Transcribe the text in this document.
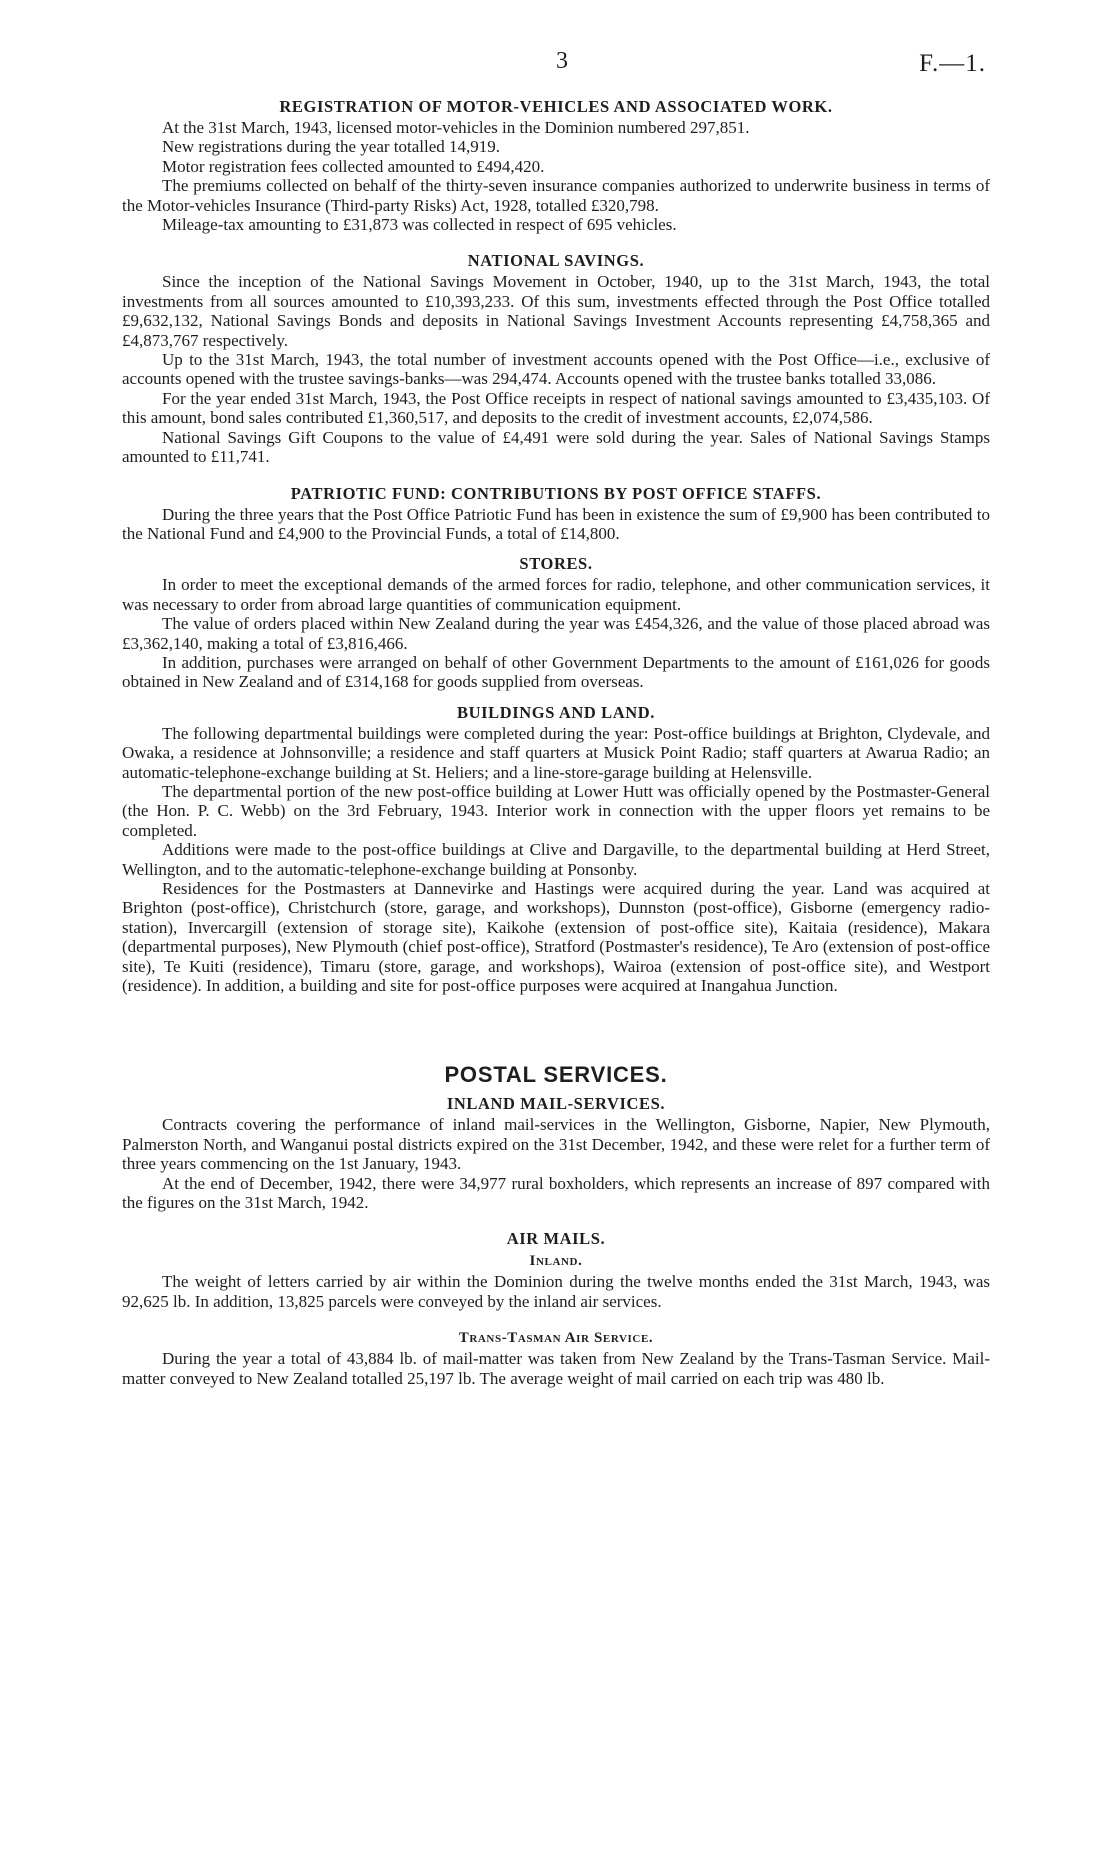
3	F.—1.
REGISTRATION OF MOTOR-VEHICLES AND ASSOCIATED WORK.

At the 31st March, 1943, licensed motor-vehicles in the Dominion numbered 297,851.

New registrations during the year totalled 14,919.

Motor registration fees collected amounted to £494,420.

The premiums collected on behalf of the thirty-seven insurance companies authorized to underwrite business in terms of the Motor-vehicles Insurance (Third-party Risks) Act, 1928, totalled £320,798.

Mileage-tax amounting to £31,873 was collected in respect of 695 vehicles.

NATIONAL SAVINGS.

Since the inception of the National Savings Movement in October, 1940, up to the 31st March, 1943, the total investments from all sources amounted to £10,393,233. Of this sum, investments effected through the Post Office totalled £9,632,132, National Savings Bonds and deposits in National Savings Investment Accounts representing £4,758,365 and £4,873,767 respectively.

Up to the 31st March, 1943, the total number of investment accounts opened with the Post Office—i.e., exclusive of accounts opened with the trustee savings-banks—was 294,474. Accounts opened with the trustee banks totalled 33,086.

For the year ended 31st March, 1943, the Post Office receipts in respect of national savings amounted to £3,435,103. Of this amount, bond sales contributed £1,360,517, and deposits to the credit of investment accounts, £2,074,586.

National Savings Gift Coupons to the value of £4,491 were sold during the year. Sales of National Savings Stamps amounted to £11,741.

PATRIOTIC FUND: CONTRIBUTIONS BY POST OFFICE STAFFS.

During the three years that the Post Office Patriotic Fund has been in existence the sum of £9,900 has been contributed to the National Fund and £4,900 to the Provincial Funds, a total of £14,800.

STORES.

In order to meet the exceptional demands of the armed forces for radio, telephone, and other communication services, it was necessary to order from abroad large quantities of communication equipment.

The value of orders placed within New Zealand during the year was £454,326, and the value of those placed abroad was £3,362,140, making a total of £3,816,466.

In addition, purchases were arranged on behalf of other Government Departments to the amount of £161,026 for goods obtained in New Zealand and of £314,168 for goods supplied from overseas.

BUILDINGS AND LAND.

The following departmental buildings were completed during the year: Post-office buildings at Brighton, Clydevale, and Owaka, a residence at Johnsonville; a residence and staff quarters at Musick Point Radio; staff quarters at Awarua Radio; an automatic-telephone-exchange building at St. Heliers; and a line-store-garage building at Helensville.

The departmental portion of the new post-office building at Lower Hutt was officially opened by the Postmaster-General (the Hon. P. C. Webb) on the 3rd February, 1943. Interior work in connection with the upper floors yet remains to be completed.

Additions were made to the post-office buildings at Clive and Dargaville, to the departmental building at Herd Street, Wellington, and to the automatic-telephone-exchange building at Ponsonby.

Residences for the Postmasters at Dannevirke and Hastings were acquired during the year. Land was acquired at Brighton (post-office), Christchurch (store, garage, and workshops), Dunnston (post-office), Gisborne (emergency radio-station), Invercargill (extension of storage site), Kaikohe (extension of post-office site), Kaitaia (residence), Makara (departmental purposes), New Plymouth (chief post-office), Stratford (Postmaster's residence), Te Aro (extension of post-office site), Te Kuiti (residence), Timaru (store, garage, and workshops), Wairoa (extension of post-office site), and Westport (residence). In addition, a building and site for post-office purposes were acquired at Inangahua Junction.

POSTAL SERVICES.
INLAND MAIL-SERVICES.

Contracts covering the performance of inland mail-services in the Wellington, Gisborne, Napier, New Plymouth, Palmerston North, and Wanganui postal districts expired on the 31st December, 1942, and these were relet for a further term of three years commencing on the 1st January, 1943.

At the end of December, 1942, there were 34,977 rural boxholders, which represents an increase of 897 compared with the figures on the 31st March, 1942.

AIR MAILS.
Inland.

The weight of letters carried by air within the Dominion during the twelve months ended the 31st March, 1943, was 92,625 lb. In addition, 13,825 parcels were conveyed by the inland air services.

Trans-Tasman Air Service.

During the year a total of 43,884 lb. of mail-matter was taken from New Zealand by the Trans-Tasman Service. Mail-matter conveyed to New Zealand totalled 25,197 lb. The average weight of mail carried on each trip was 480 lb.
